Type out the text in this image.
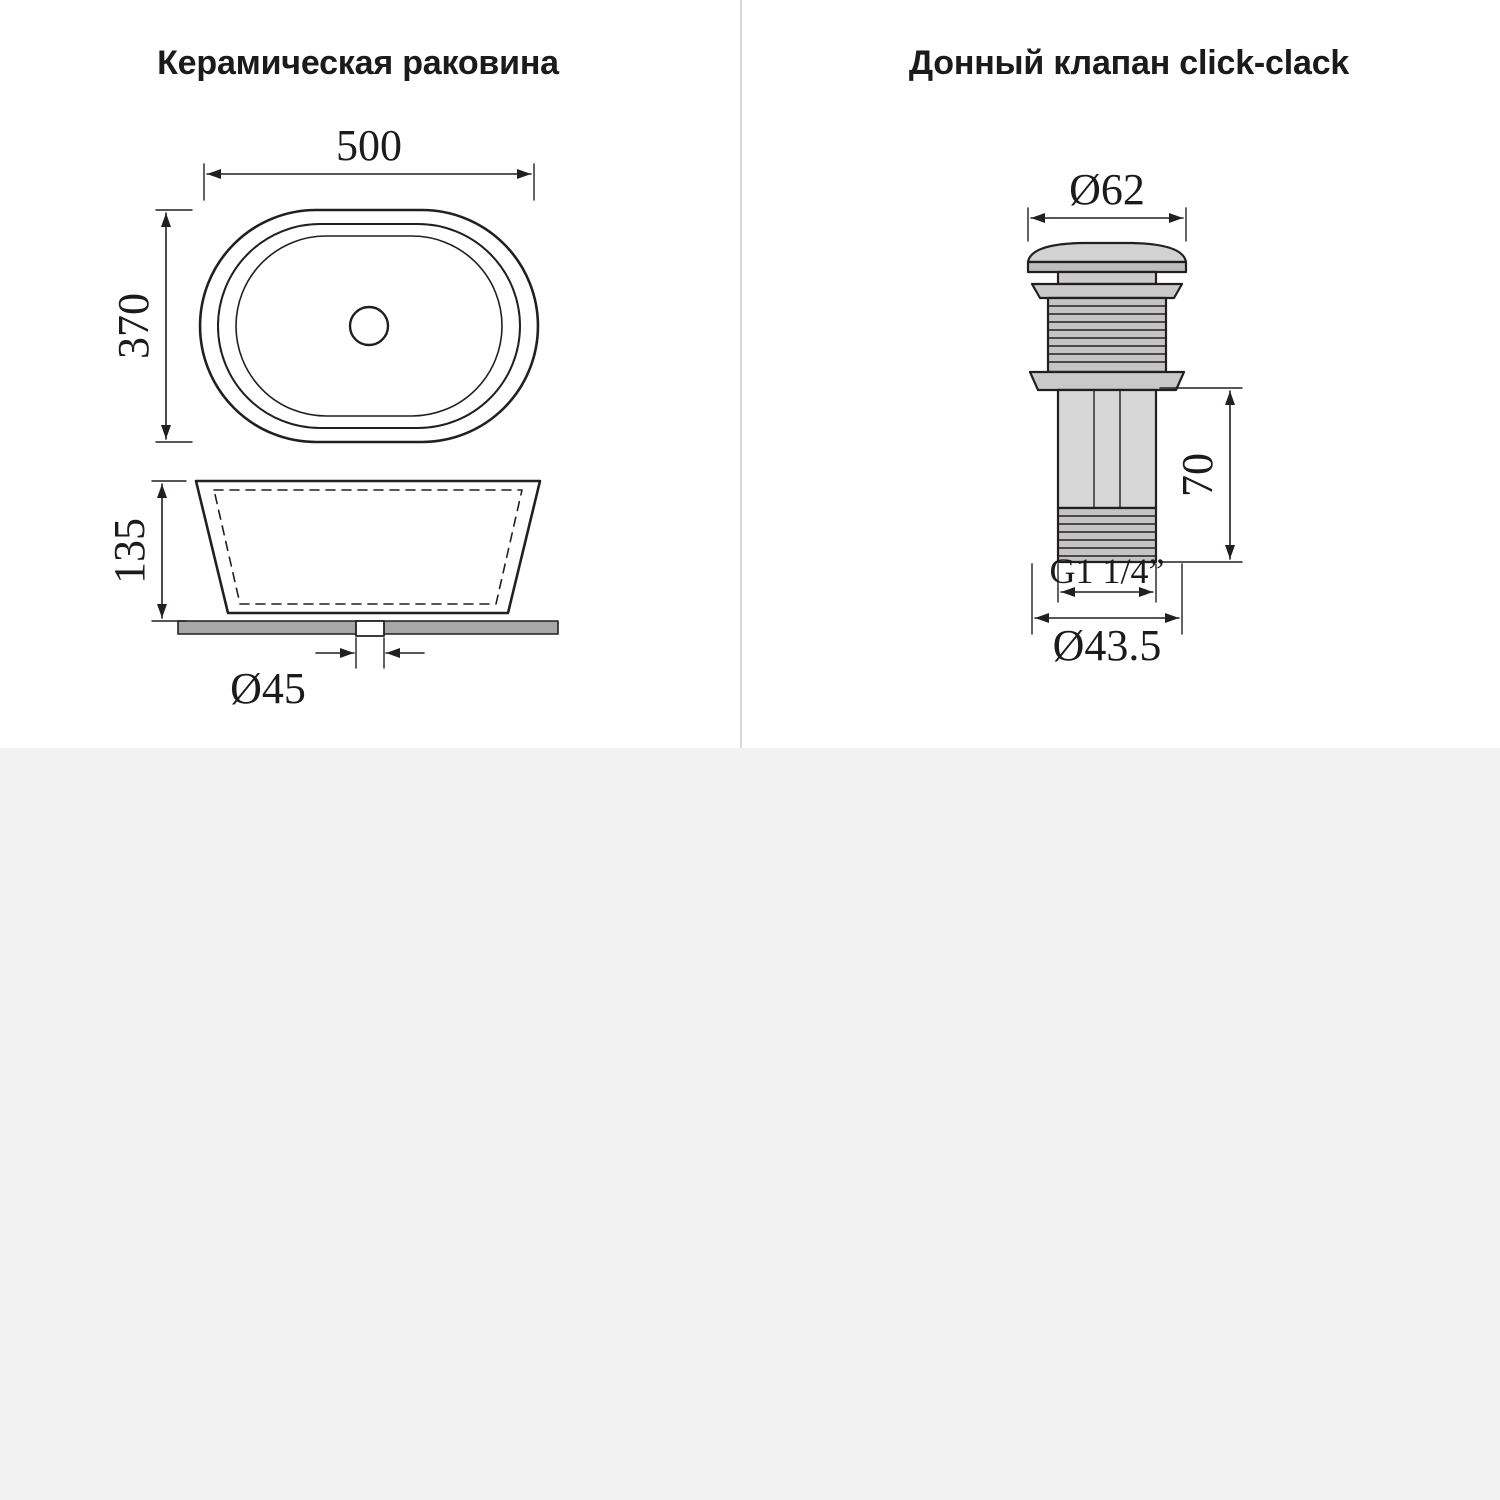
Керамическая раковина
500
370
135
Ø45
Донный клапан click-clack
Ø62
70
G1 1/4”
Ø43.5
